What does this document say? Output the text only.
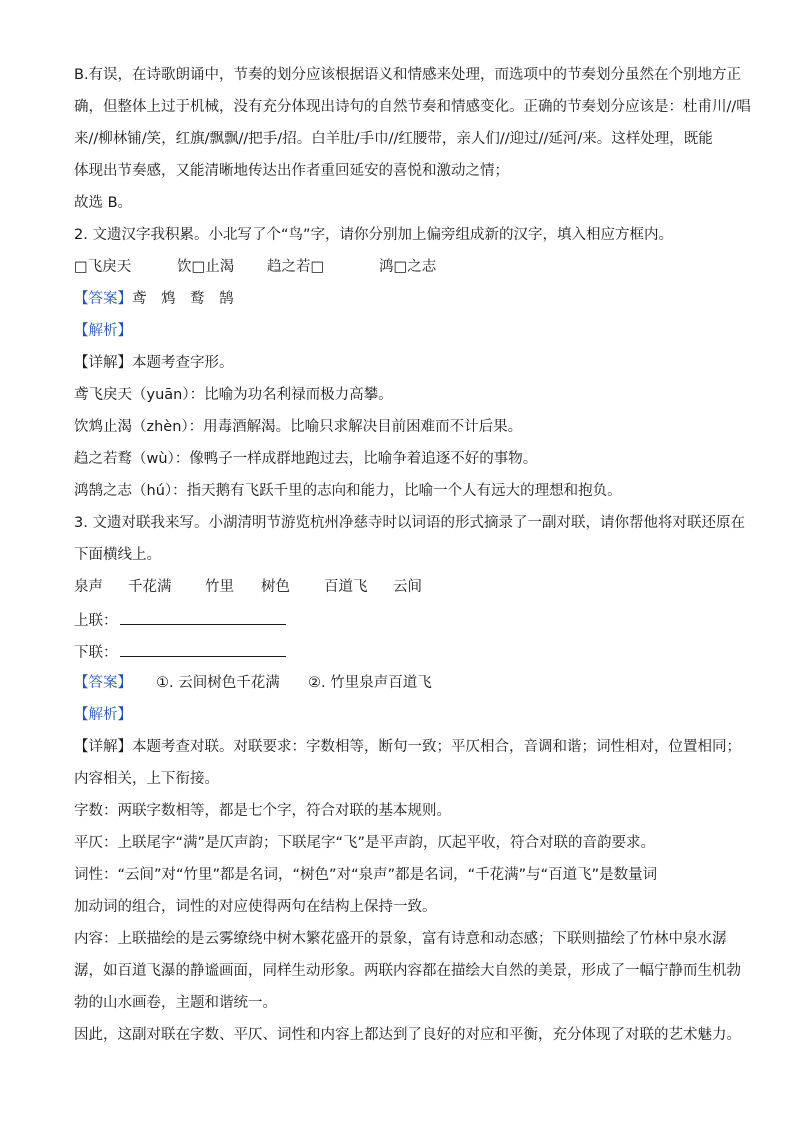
B.有误，在诗歌朗诵中，节奏的划分应该根据语义和情感来处理，而选项中的节奏划分虽然在个别地方正
确，但整体上过于机械，没有充分体现出诗句的自然节奏和情感变化。正确的节奏划分应该是：杜甫川//唱
来//柳林铺/笑，红旗/飘飘//把手/招。白羊肚/手巾//红腰带，亲人们//迎过//延河/来。这样处理，既能
体现出节奏感，又能清晰地传达出作者重回延安的喜悦和激动之情；
故选 B。
2. 文遗汉字我积累。小北写了个“鸟”字，请你分别加上偏旁组成新的汉字，填入相应方框内。
□飞戾天	饮□止渴 趋之若□	鸿□之志
【答案】鸢　鸩　鹜　鹄
【解析】
【详解】本题考查字形。
鸢飞戾天（yuān）：比喻为功名利禄而极力高攀。
饮鸩止渴（zhèn）：用毒酒解渴。比喻只求解决目前困难而不计后果。
趋之若鹜（wù）：像鸭子一样成群地跑过去，比喻争着追逐不好的事物。
鸿鹄之志（hú）：指天鹅有飞跃千里的志向和能力，比喻一个人有远大的理想和抱负。
3. 文遗对联我来写。小湖清明节游览杭州净慈寺时以词语的形式摘录了一副对联，请你帮他将对联还原在
下面横线上。
泉声 千花满 竹里 树色 百道飞 云间
上联：
下联：
【答案】 ①. 云间树色千花满 ②. 竹里泉声百道飞
【解析】
【详解】本题考查对联。对联要求：字数相等，断句一致；平仄相合，音调和谐；词性相对，位置相同；
内容相关，上下衔接。
字数：两联字数相等，都是七个字，符合对联的基本规则。
平仄：上联尾字“满”是仄声韵；下联尾字“飞”是平声韵，仄起平收，符合对联的音韵要求。
词性：“云间”对“竹里”都是名词，“树色”对“泉声”都是名词，“千花满”与“百道飞”是数量词
加动词的组合，词性的对应使得两句在结构上保持一致。
内容：上联描绘的是云雾缭绕中树木繁花盛开的景象，富有诗意和动态感；下联则描绘了竹林中泉水潺
潺，如百道飞瀑的静谧画面，同样生动形象。两联内容都在描绘大自然的美景，形成了一幅宁静而生机勃
勃的山水画卷，主题和谐统一。
因此，这副对联在字数、平仄、词性和内容上都达到了良好的对应和平衡，充分体现了对联的艺术魅力。
